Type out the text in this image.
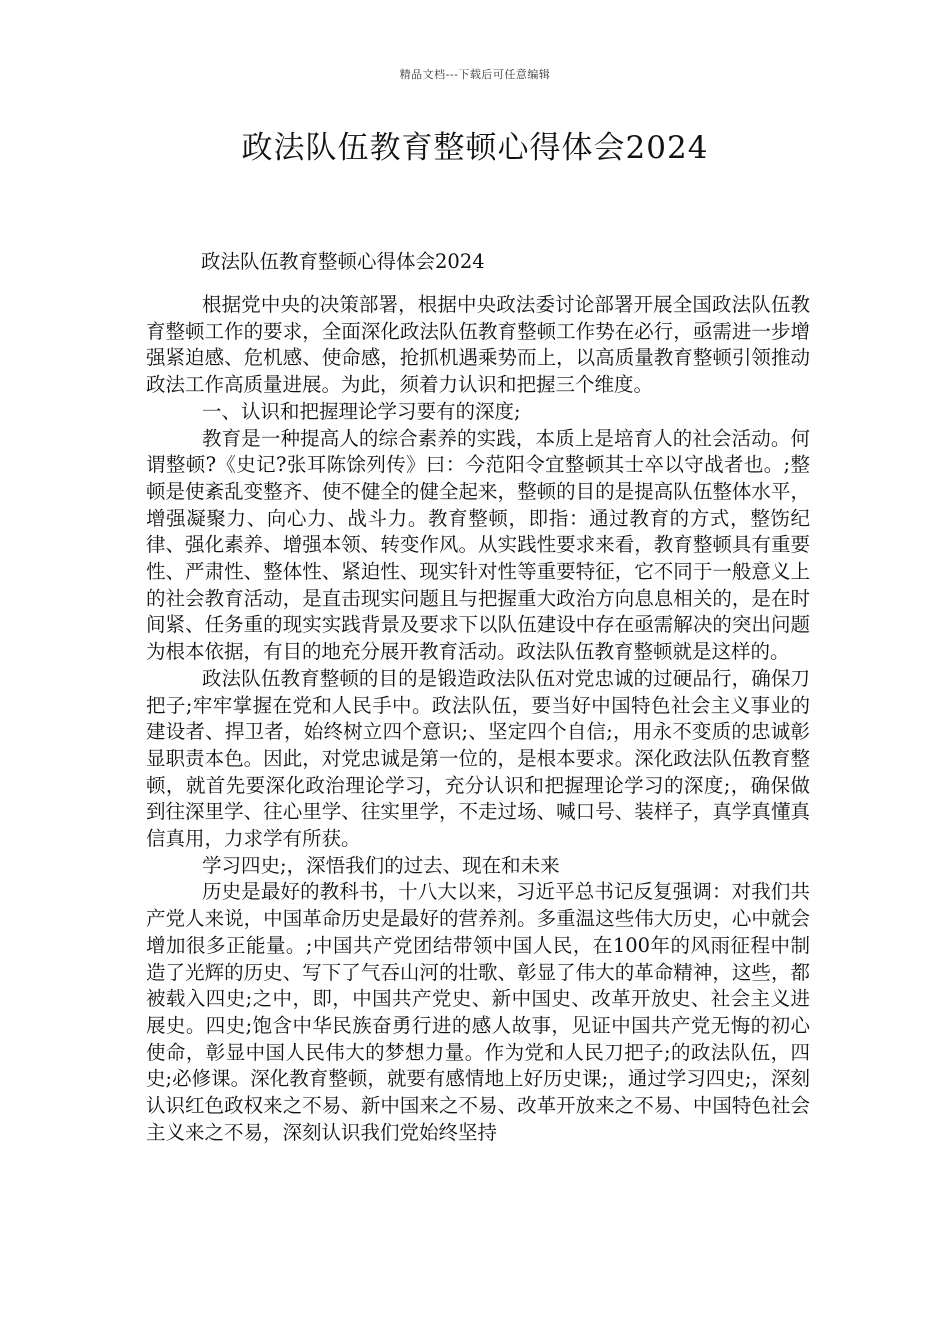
精品文档---下载后可任意编辑
政法队伍教育整顿心得体会2024
政法队伍教育整顿心得体会2024

根据党中央的决策部署，根据中央政法委讨论部署开展全国政法队伍教育整顿工作的要求，全面深化政法队伍教育整顿工作势在必行，亟需进一步增强紧迫感、危机感、使命感，抢抓机遇乘势而上，以高质量教育整顿引领推动政法工作高质量进展。为此，须着力认识和把握三个维度。

一、认识和把握理论学习要有的深度;

教育是一种提高人的综合素养的实践，本质上是培育人的社会活动。何谓整顿?《史记?张耳陈馀列传》曰：今范阳令宜整顿其士卒以守战者也。;整顿是使紊乱变整齐、使不健全的健全起来，整顿的目的是提高队伍整体水平，增强凝聚力、向心力、战斗力。教育整顿，即指：通过教育的方式，整饬纪律、强化素养、增强本领、转变作风。从实践性要求来看，教育整顿具有重要性、严肃性、整体性、紧迫性、现实针对性等重要特征，它不同于一般意义上的社会教育活动，是直击现实问题且与把握重大政治方向息息相关的，是在时间紧、任务重的现实实践背景及要求下以队伍建设中存在亟需解决的突出问题为根本依据，有目的地充分展开教育活动。政法队伍教育整顿就是这样的。

政法队伍教育整顿的目的是锻造政法队伍对党忠诚的过硬品行，确保刀把子;牢牢掌握在党和人民手中。政法队伍，要当好中国特色社会主义事业的建设者、捍卫者，始终树立四个意识;、坚定四个自信;，用永不变质的忠诚彰显职责本色。因此，对党忠诚是第一位的，是根本要求。深化政法队伍教育整顿，就首先要深化政治理论学习，充分认识和把握理论学习的深度;，确保做到往深里学、往心里学、往实里学，不走过场、喊口号、装样子，真学真懂真信真用，力求学有所获。

学习四史;，深悟我们的过去、现在和未来

历史是最好的教科书，十八大以来，习近平总书记反复强调：对我们共产党人来说，中国革命历史是最好的营养剂。多重温这些伟大历史，心中就会增加很多正能量。;中国共产党团结带领中国人民，在100年的风雨征程中制造了光辉的历史、写下了气吞山河的壮歌、彰显了伟大的革命精神，这些，都被载入四史;之中，即，中国共产党史、新中国史、改革开放史、社会主义进展史。四史;饱含中华民族奋勇行进的感人故事，见证中国共产党无悔的初心使命，彰显中国人民伟大的梦想力量。作为党和人民刀把子;的政法队伍，四史;必修课。深化教育整顿，就要有感情地上好历史课;，通过学习四史;，深刻认识红色政权来之不易、新中国来之不易、改革开放来之不易、中国特色社会主义来之不易，深刻认识我们党始终坚持
